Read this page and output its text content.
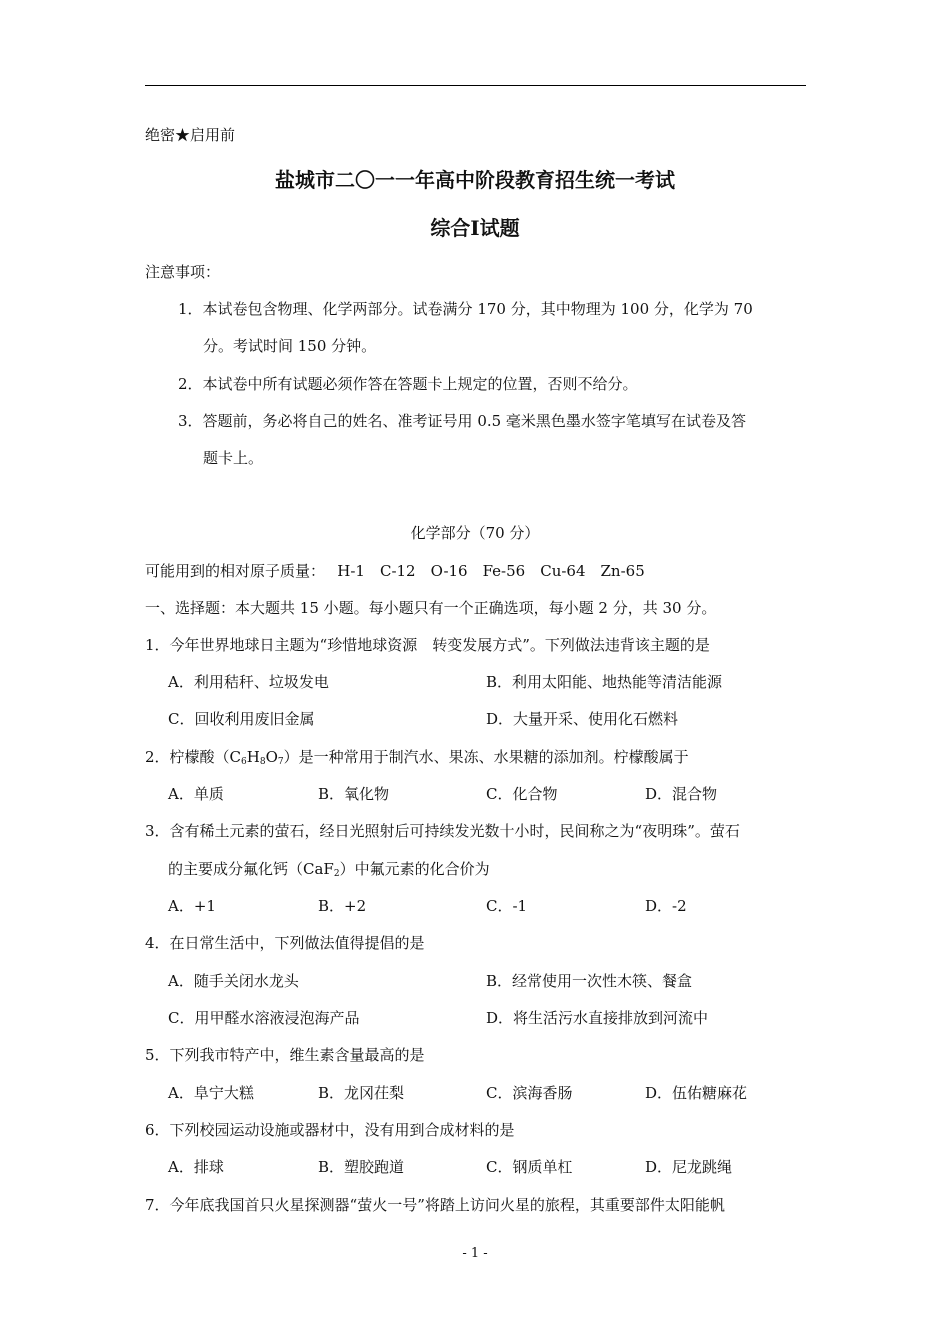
绝密★启用前
盐城市二〇一一年高中阶段教育招生统一考试
综合Ⅰ试题
注意事项：
1．本试卷包含物理、化学两部分。试卷满分 170 分，其中物理为 100 分，化学为 70
分。考试时间 150 分钟。
2．本试卷中所有试题必须作答在答题卡上规定的位置，否则不给分。
3．答题前，务必将自己的姓名、准考证号用 0.5 毫米黑色墨水签字笔填写在试卷及答
题卡上。
化学部分（70 分）
可能用到的相对原子质量：　 H-1　C-12　O-16　Fe-56　Cu-64　Zn-65
一、选择题：本大题共 15 小题。每小题只有一个正确选项，每小题 2 分，共 30 分。
1．今年世界地球日主题为“珍惜地球资源　转变发展方式”。下列做法违背该主题的是
A．利用秸秆、垃圾发电	B．利用太阳能、地热能等清洁能源
C．回收利用废旧金属	D．大量开采、使用化石燃料
2．柠檬酸$(C_6H_8O_7)$是一种常用于制汽水、果冻、水果糖的添加剂。柠檬酸属于
A．单质	B．氧化物	C．化合物	D．混合物
3．含有稀土元素的萤石，经日光照射后可持续发光数十小时，民间称之为“夜明珠”。萤石
的主要成分氟化钙（CaF$_2$）中氟元素的化合价为
A．+1	B．+2	C．-1	D．-2
4．在日常生活中，下列做法值得提倡的是
A．随手关闭水龙头	B．经常使用一次性木筷、餐盒
C．用甲醛水溶液浸泡海产品	D．将生活污水直接排放到河流中
5．下列我市特产中，维生素含量最高的是
A．阜宁大糕	B．龙冈茌梨	C．滨海香肠	D．伍佑糖麻花
6．下列校园运动设施或器材中，没有用到合成材料的是
A．排球	B．塑胶跑道	C．钢质单杠	D．尼龙跳绳
7．今年底我国首只火星探测器“萤火一号”将踏上访问火星的旅程，其重要部件太阳能帆
- 1 -
